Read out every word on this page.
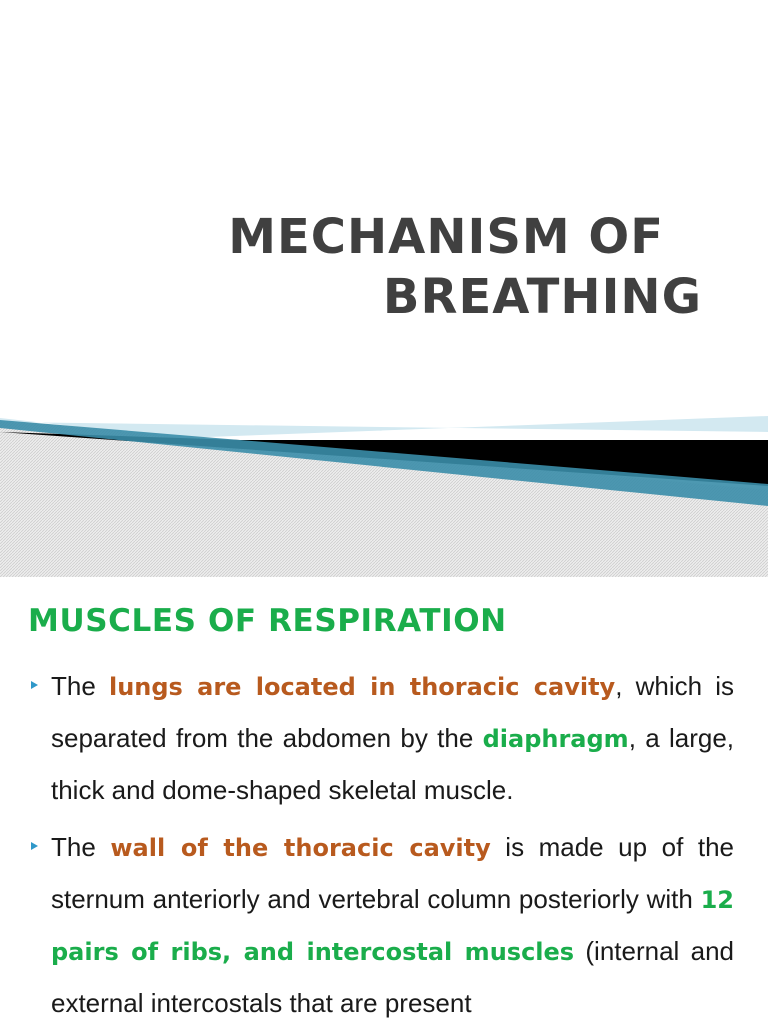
MECHANISM OF
BREATHING
MUSCLES OF RESPIRATION

The lungs are located in thoracic cavity, which is separated from the abdomen by the diaphragm, a large, thick and dome-shaped skeletal muscle.

The wall of the thoracic cavity is made up of the sternum anteriorly and vertebral column posteriorly with 12 pairs of ribs, and intercostal muscles (internal and external intercostals that are present
